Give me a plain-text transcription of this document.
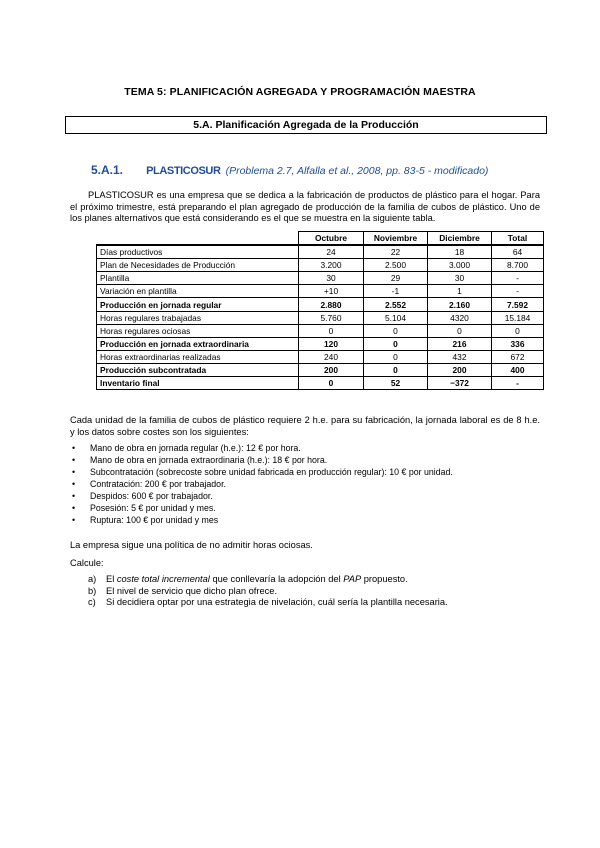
TEMA 5: PLANIFICACIÓN AGREGADA Y PROGRAMACIÓN MAESTRA
5.A. Planificación Agregada de la Producción
5.A.1. PLASTICOSUR (Problema 2.7, Alfalla et al., 2008, pp. 83-5 - modificado)
PLASTICOSUR es una empresa que se dedica a la fabricación de productos de plástico para el hogar. Para el próximo trimestre, está preparando el plan agregado de producción de la familia de cubos de plástico. Uno de los planes alternativos que está considerando es el que se muestra en la siguiente tabla.
	Octubre	Noviembre	Diciembre	Total
Días productivos	24	22	18	64
Plan de Necesidades de Producción	3.200	2.500	3.000	8.700
Plantilla	30	29	30	-
Variación en plantilla	+10	-1	1	-
Producción en jornada regular	2.880	2.552	2.160	7.592
Horas regulares trabajadas	5.760	5.104	4320	15.184
Horas regulares ociosas	0	0	0	0
Producción en jornada extraordinaria	120	0	216	336
Horas extraordinarias realizadas	240	0	432	672
Producción subcontratada	200	0	200	400
Inventario final	0	52	−372	-
Cada unidad de la familia de cubos de plástico requiere 2 h.e. para su fabricación, la jornada laboral es de 8 h.e. y los datos sobre costes son los siguientes:
• Mano de obra en jornada regular (h.e.): 12 € por hora.
• Mano de obra en jornada extraordinaria (h.e.): 18 € por hora.
• Subcontratación (sobrecoste sobre unidad fabricada en producción regular): 10 € por unidad.
• Contratación: 200 € por trabajador.
• Despidos: 600 € por trabajador.
• Posesión: 5 € por unidad y mes.
• Ruptura: 100 € por unidad y mes
La empresa sigue una política de no admitir horas ociosas.
Calcule:
a) El coste total incremental que conllevaría la adopción del PAP propuesto.
b) El nivel de servicio que dicho plan ofrece.
c) Si decidiera optar por una estrategia de nivelación, cuál sería la plantilla necesaria.
